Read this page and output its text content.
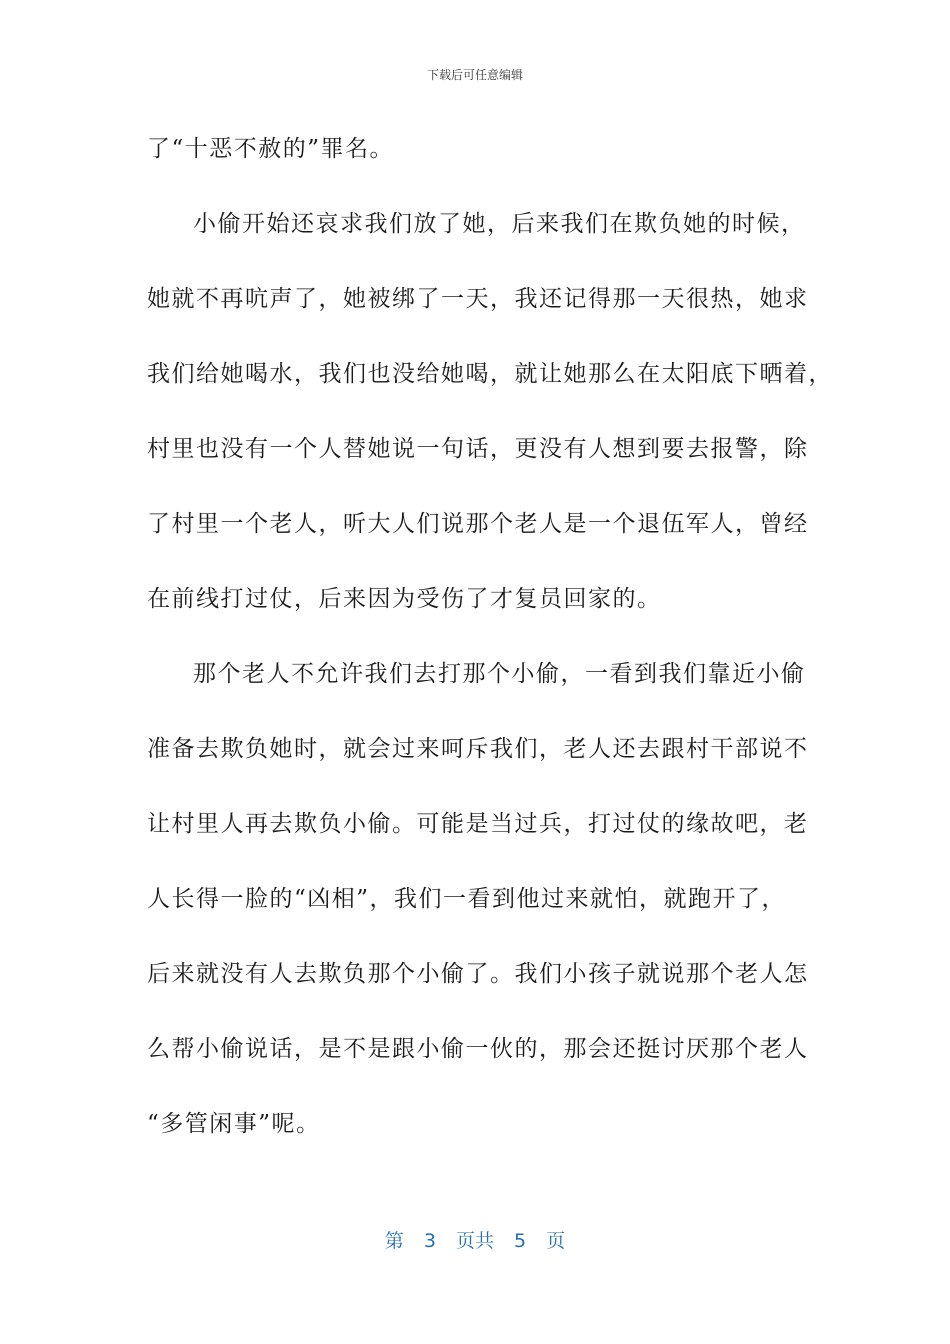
下载后可任意编辑
了“十恶不赦的”罪名。
小偷开始还哀求我们放了她，后来我们在欺负她的时候，
她就不再吭声了，她被绑了一天，我还记得那一天很热，她求
我们给她喝水，我们也没给她喝，就让她那么在太阳底下晒着，
村里也没有一个人替她说一句话，更没有人想到要去报警，除
了村里一个老人，听大人们说那个老人是一个退伍军人，曾经
在前线打过仗，后来因为受伤了才复员回家的。
那个老人不允许我们去打那个小偷，一看到我们靠近小偷
准备去欺负她时，就会过来呵斥我们，老人还去跟村干部说不
让村里人再去欺负小偷。可能是当过兵，打过仗的缘故吧，老
人长得一脸的“凶相”，我们一看到他过来就怕，就跑开了，
后来就没有人去欺负那个小偷了。我们小孩子就说那个老人怎
么帮小偷说话，是不是跟小偷一伙的，那会还挺讨厌那个老人
“多管闲事”呢。
第 3 页共 5 页
